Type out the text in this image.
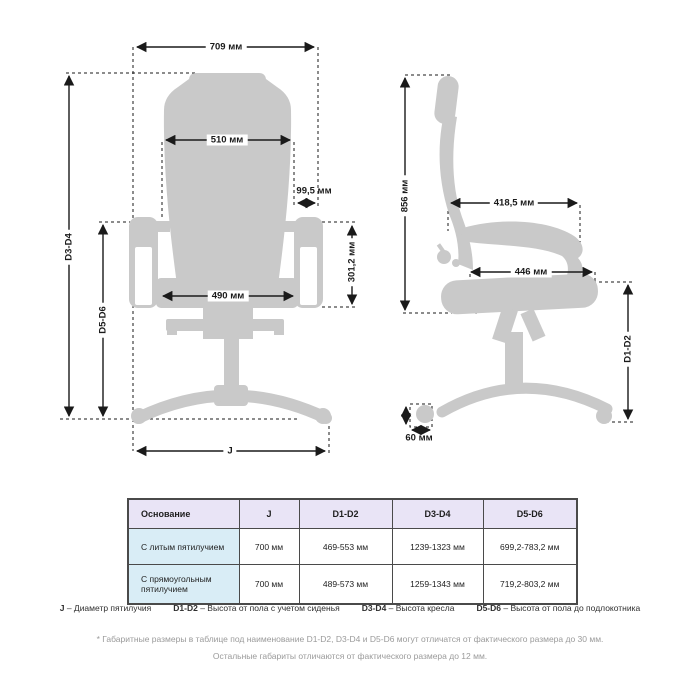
709 мм
510 мм
99,5 мм
301,2 мм
490 мм
D3-D4
D5-D6
J
856 мм	418,5 мм
446 мм
D1-D2
60 мм
Основание	J	D1-D2	D3-D4	D5-D6
С литым пятилучием	700 мм	469-553 мм	1239-1323 мм	699,2-783,2 мм
С прямоугольным пятилучием	700 мм	489-573 мм	1259-1343 мм	719,2-803,2 мм
J – Диаметр пятилучия	D1-D2 – Высота от пола с учетом сиденья	D3-D4 – Высота кресла	D5-D6 – Высота от пола до подлокотника
* Габаритные размеры в таблице под наименование D1-D2, D3-D4 и D5-D6 могут отличатся от фактического размера до 30 мм.
Остальные габариты отличаются от фактического размера до 12 мм.
